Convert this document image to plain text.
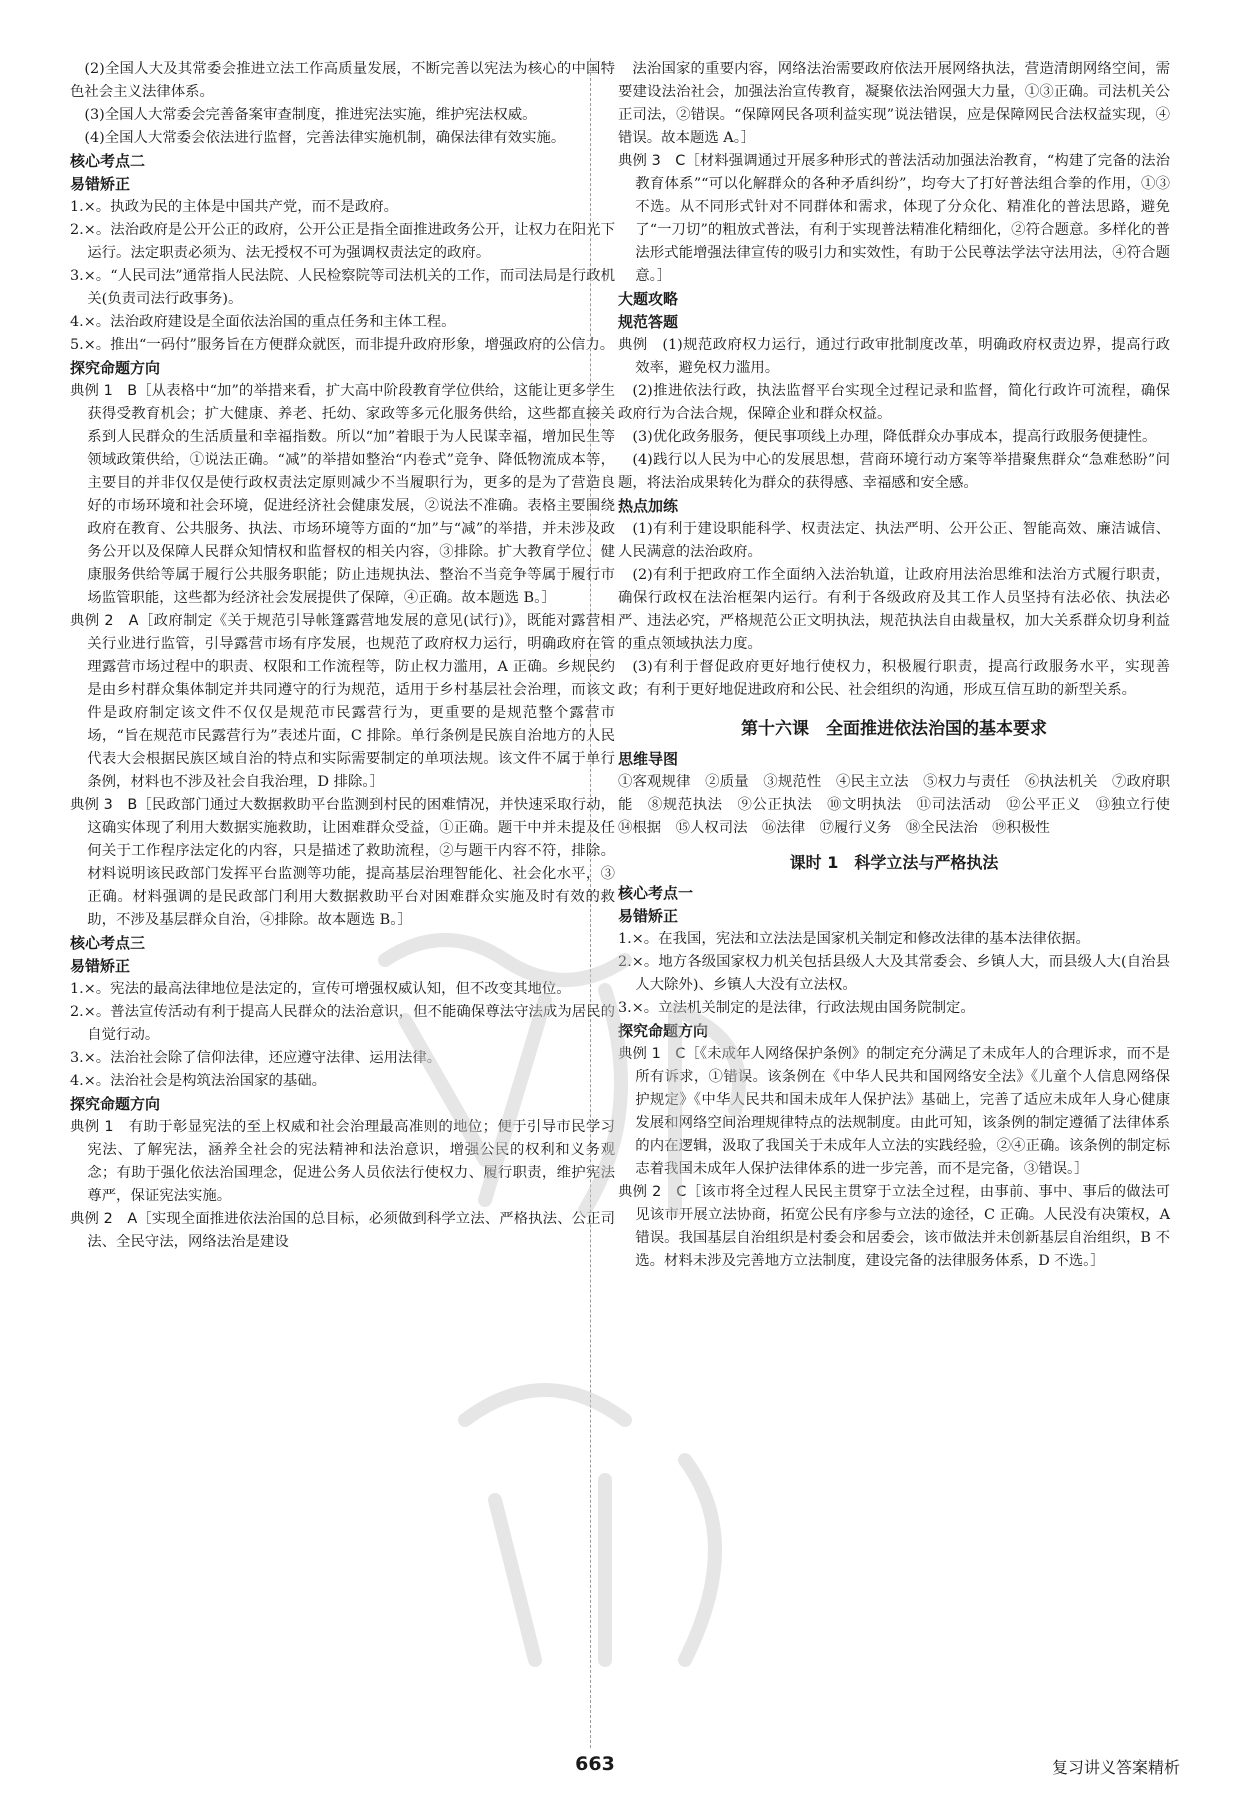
(2)全国人大及其常委会推进立法工作高质量发展，不断完善以宪法为核心的中国特色社会主义法律体系。

(3)全国人大常委会完善备案审查制度，推进宪法实施，维护宪法权威。

(4)全国人大常委会依法进行监督，完善法律实施机制，确保法律有效实施。

核心考点二

易错矫正

1.×。执政为民的主体是中国共产党，而不是政府。

2.×。法治政府是公开公正的政府，公开公正是指全面推进政务公开，让权力在阳光下运行。法定职责必须为、法无授权不可为强调权责法定的政府。

3.×。“人民司法”通常指人民法院、人民检察院等司法机关的工作，而司法局是行政机关(负责司法行政事务)。

4.×。法治政府建设是全面依法治国的重点任务和主体工程。

5.×。推出“一码付”服务旨在方便群众就医，而非提升政府形象，增强政府的公信力。

探究命题方向

典例 1　B［从表格中“加”的举措来看，扩大高中阶段教育学位供给，这能让更多学生获得受教育机会；扩大健康、养老、托幼、家政等多元化服务供给，这些都直接关系到人民群众的生活质量和幸福指数。所以“加”着眼于为人民谋幸福，增加民生等领域政策供给，①说法正确。“减”的举措如整治“内卷式”竞争、降低物流成本等，主要目的并非仅仅是使行政权责法定原则减少不当履职行为，更多的是为了营造良好的市场环境和社会环境，促进经济社会健康发展，②说法不准确。表格主要围绕政府在教育、公共服务、执法、市场环境等方面的“加”与“减”的举措，并未涉及政务公开以及保障人民群众知情权和监督权的相关内容，③排除。扩大教育学位、健康服务供给等属于履行公共服务职能；防止违规执法、整治不当竞争等属于履行市场监管职能，这些都为经济社会发展提供了保障，④正确。故本题选 B。］

典例 2　A［政府制定《关于规范引导帐篷露营地发展的意见(试行)》，既能对露营相关行业进行监管，引导露营市场有序发展，也规范了政府权力运行，明确政府在管理露营市场过程中的职责、权限和工作流程等，防止权力滥用，A 正确。乡规民约是由乡村群众集体制定并共同遵守的行为规范，适用于乡村基层社会治理，而该文件是政府制定该文件不仅仅是规范市民露营行为，更重要的是规范整个露营市场，“旨在规范市民露营行为”表述片面，C 排除。单行条例是民族自治地方的人民代表大会根据民族区域自治的特点和实际需要制定的单项法规。该文件不属于单行条例，材料也不涉及社会自我治理，D 排除。］

典例 3　B［民政部门通过大数据救助平台监测到村民的困难情况，并快速采取行动，这确实体现了利用大数据实施救助，让困难群众受益，①正确。题干中并未提及任何关于工作程序法定化的内容，只是描述了救助流程，②与题干内容不符，排除。材料说明该民政部门发挥平台监测等功能，提高基层治理智能化、社会化水平，③正确。材料强调的是民政部门利用大数据救助平台对困难群众实施及时有效的救助，不涉及基层群众自治，④排除。故本题选 B。］

核心考点三

易错矫正

1.×。宪法的最高法律地位是法定的，宣传可增强权威认知，但不改变其地位。

2.×。普法宣传活动有利于提高人民群众的法治意识，但不能确保尊法守法成为居民的自觉行动。

3.×。法治社会除了信仰法律，还应遵守法律、运用法律。

4.×。法治社会是构筑法治国家的基础。

探究命题方向

典例 1　 有助于彰显宪法的至上权威和社会治理最高准则的地位；便于引导市民学习宪法、了解宪法，涵养全社会的宪法精神和法治意识，增强公民的权利和义务观念；有助于强化依法治国理念，促进公务人员依法行使权力、履行职责，维护宪法尊严，保证宪法实施。

典例 2　A［实现全面推进依法治国的总目标，必须做到科学立法、严格执法、公正司法、全民守法，网络法治是建设

法治国家的重要内容，网络法治需要政府依法开展网络执法，营造清朗网络空间，需要建设法治社会，加强法治宣传教育，凝聚依法治网强大力量，①③正确。司法机关公正司法，②错误。“保障网民各项利益实现”说法错误，应是保障网民合法权益实现，④错误。故本题选 A。］

典例 3　C［材料强调通过开展多种形式的普法活动加强法治教育，“构建了完备的法治教育体系”“可以化解群众的各种矛盾纠纷”，均夸大了打好普法组合拳的作用，①③不选。从不同形式针对不同群体和需求，体现了分众化、精准化的普法思路，避免了“一刀切”的粗放式普法，有利于实现普法精准化精细化，②符合题意。多样化的普法形式能增强法律宣传的吸引力和实效性，有助于公民尊法学法守法用法，④符合题意。］

大题攻略

规范答题

典例　 (1)规范政府权力运行，通过行政审批制度改革，明确政府权责边界，提高行政效率，避免权力滥用。

(2)推进依法行政，执法监督平台实现全过程记录和监督，简化行政许可流程，确保政府行为合法合规，保障企业和群众权益。

(3)优化政务服务，便民事项线上办理，降低群众办事成本，提高行政服务便捷性。

(4)践行以人民为中心的发展思想，营商环境行动方案等举措聚焦群众“急难愁盼”问题，将法治成果转化为群众的获得感、幸福感和安全感。

热点加练

(1)有利于建设职能科学、权责法定、执法严明、公开公正、智能高效、廉洁诚信、人民满意的法治政府。

(2)有利于把政府工作全面纳入法治轨道，让政府用法治思维和法治方式履行职责，确保行政权在法治框架内运行。有利于各级政府及其工作人员坚持有法必依、执法必严、违法必究，严格规范公正文明执法，规范执法自由裁量权，加大关系群众切身利益的重点领域执法力度。

(3)有利于督促政府更好地行使权力，积极履行职责，提高行政服务水平，实现善政；有利于更好地促进政府和公民、社会组织的沟通，形成互信互助的新型关系。

第十六课　全面推进依法治国的基本要求

思维导图

①客观规律　②质量　③规范性　④民主立法　⑤权力与责任　⑥执法机关　⑦政府职能　⑧规范执法　⑨公正执法　⑩文明执法　⑪司法活动　⑫公平正义　⑬独立行使　⑭根据　⑮人权司法　⑯法律　⑰履行义务　⑱全民法治　⑲积极性

课时 1　科学立法与严格执法

核心考点一

易错矫正

1.×。在我国，宪法和立法法是国家机关制定和修改法律的基本法律依据。

2.×。地方各级国家权力机关包括县级人大及其常委会、乡镇人大，而县级人大(自治县人大除外)、乡镇人大没有立法权。

3.×。立法机关制定的是法律，行政法规由国务院制定。

探究命题方向

典例 1　C［《未成年人网络保护条例》的制定充分满足了未成年人的合理诉求，而不是所有诉求，①错误。该条例在《中华人民共和国网络安全法》《儿童个人信息网络保护规定》《中华人民共和国未成年人保护法》基础上，完善了适应未成年人身心健康发展和网络空间治理规律特点的法规制度。由此可知，该条例的制定遵循了法律体系的内在逻辑，汲取了我国关于未成年人立法的实践经验，②④正确。该条例的制定标志着我国未成年人保护法律体系的进一步完善，而不是完备，③错误。］

典例 2　C［该市将全过程人民民主贯穿于立法全过程，由事前、事中、事后的做法可见该市开展立法协商，拓宽公民有序参与立法的途径，C 正确。人民没有决策权，A 错误。我国基层自治组织是村委会和居委会，该市做法并未创新基层自治组织，B 不选。材料未涉及完善地方立法制度，建设完备的法律服务体系，D 不选。］

663	复习讲义答案精析
